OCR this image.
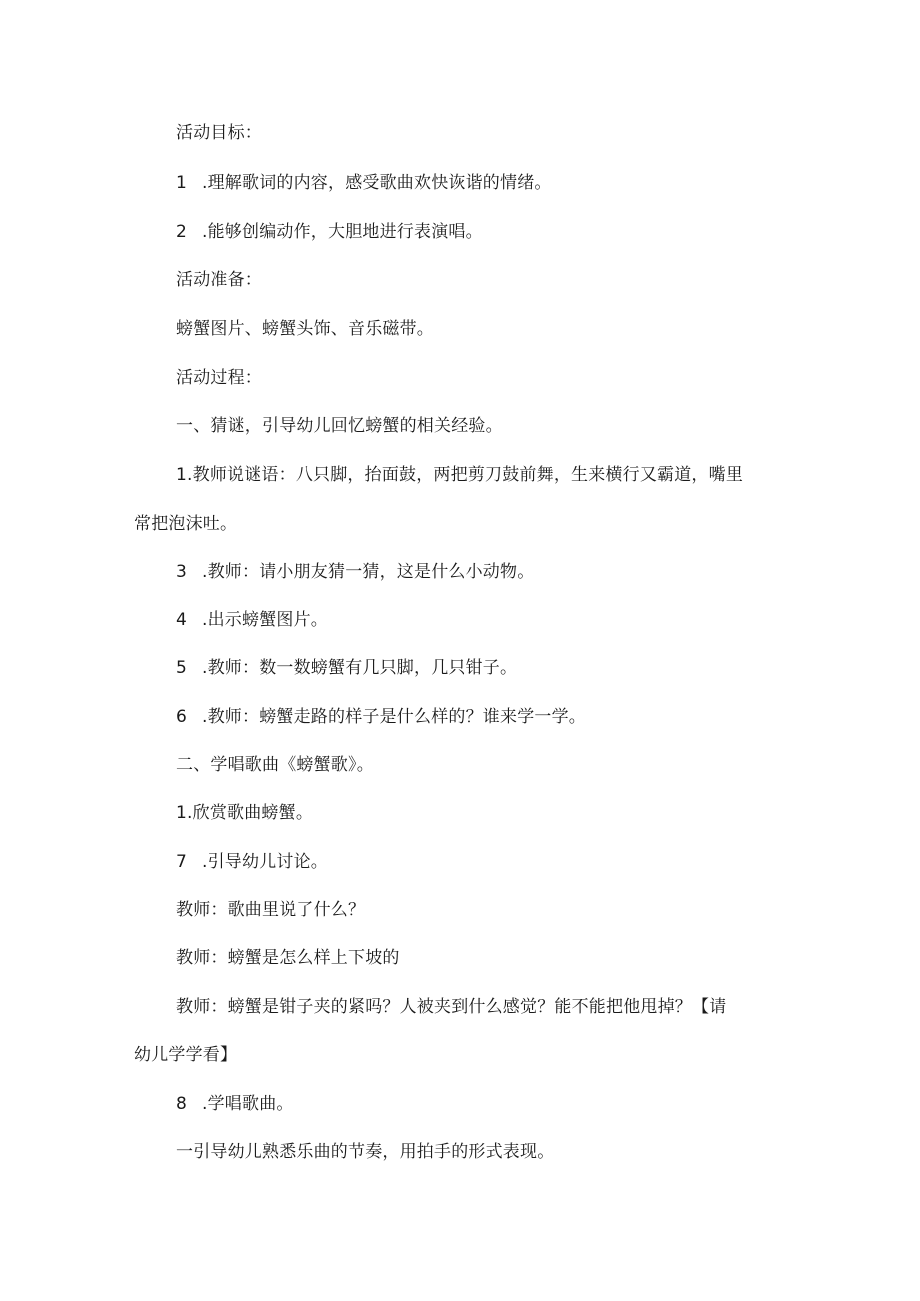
活动目标：
1 .理解歌词的内容，感受歌曲欢快诙谐的情绪。
2 .能够创编动作，大胆地进行表演唱。
活动准备：
螃蟹图片、螃蟹头饰、音乐磁带。
活动过程：
一、猜谜，引导幼儿回忆螃蟹的相关经验。
1.教师说谜语：八只脚，抬面鼓，两把剪刀鼓前舞，生来横行又霸道，嘴里
常把泡沫吐。
3 .教师：请小朋友猜一猜，这是什么小动物。
4 .出示螃蟹图片。
5 .教师：数一数螃蟹有几只脚，几只钳子。
6 .教师：螃蟹走路的样子是什么样的？谁来学一学。
二、学唱歌曲《螃蟹歌》。
1.欣赏歌曲螃蟹。
7 .引导幼儿讨论。
教师：歌曲里说了什么？
教师：螃蟹是怎么样上下坡的
教师：螃蟹是钳子夹的紧吗？人被夹到什么感觉？能不能把他甩掉？【请
幼儿学学看】
8 .学唱歌曲。
一引导幼儿熟悉乐曲的节奏，用拍手的形式表现。
